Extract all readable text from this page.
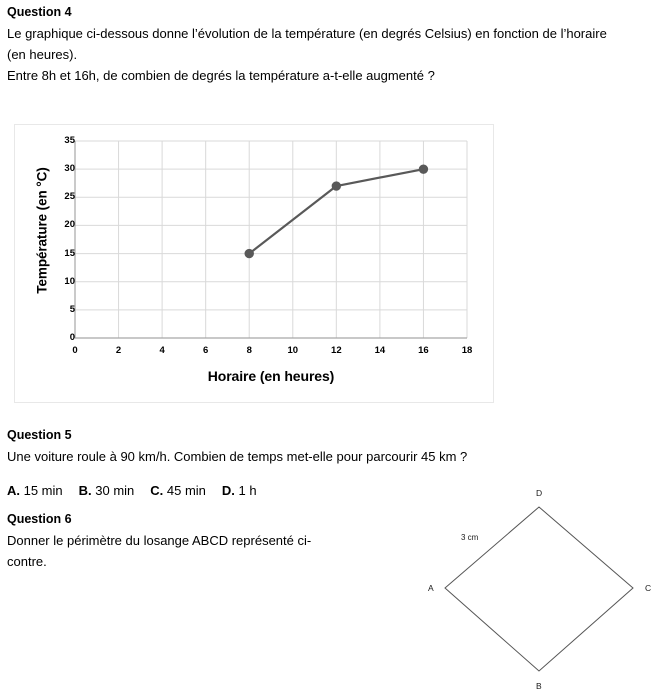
Question 4
Le graphique ci-dessous donne l’évolution de la température (en degrés Celsius) en fonction de l’horaire (en heures).
Entre 8h et 16h, de combien de degrés la température a-t-elle augmenté ?
0
5
10
15
20
25
30
35
0	2	4	6	8	10	12	14	16	18
Température (en °C)
Horaire (en heures)
Question 5
Une voiture roule à 90 km/h. Combien de temps met-elle pour parcourir 45 km ?
A. 15 min B. 30 min C. 45 min D. 1 h
Question 6
Donner le périmètre du losange ABCD représenté ci-contre.
A
B
C
D
3 cm
